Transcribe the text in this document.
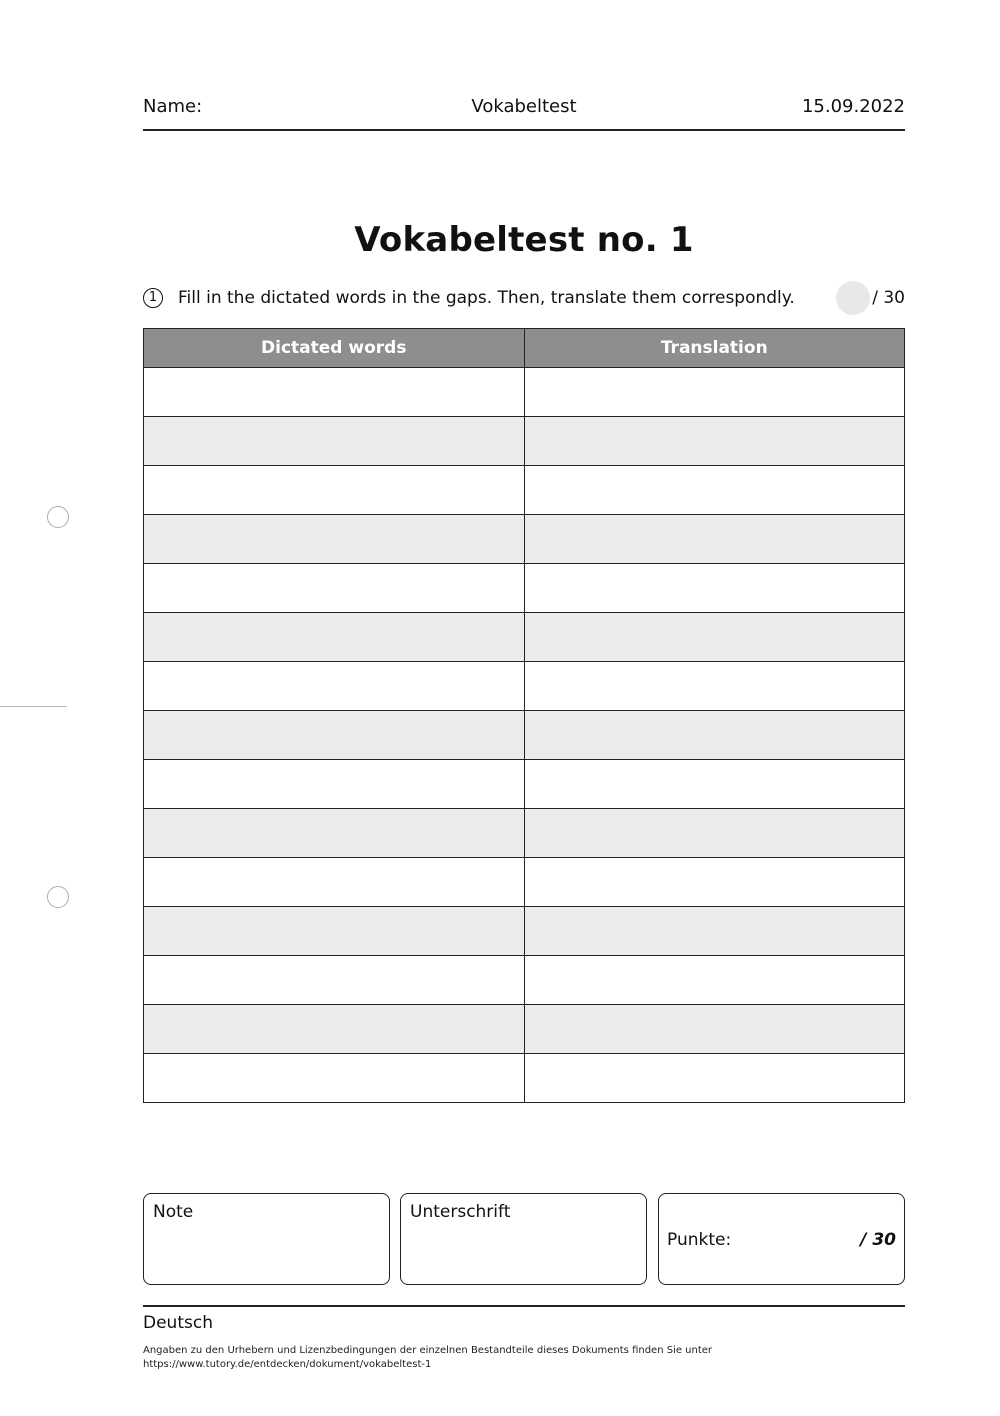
Name:	Vokabeltest	15.09.2022
Vokabeltest no. 1
1	Fill in the dictated words in the gaps. Then, translate them correspondly.	/ 30
Dictated words	Translation

Note	Unterschrift
Punkte:	/ 30
Deutsch
Angaben zu den Urhebern und Lizenzbedingungen der einzelnen Bestandteile dieses Dokuments finden Sie unter
https://www.tutory.de/entdecken/dokument/vokabeltest-1
